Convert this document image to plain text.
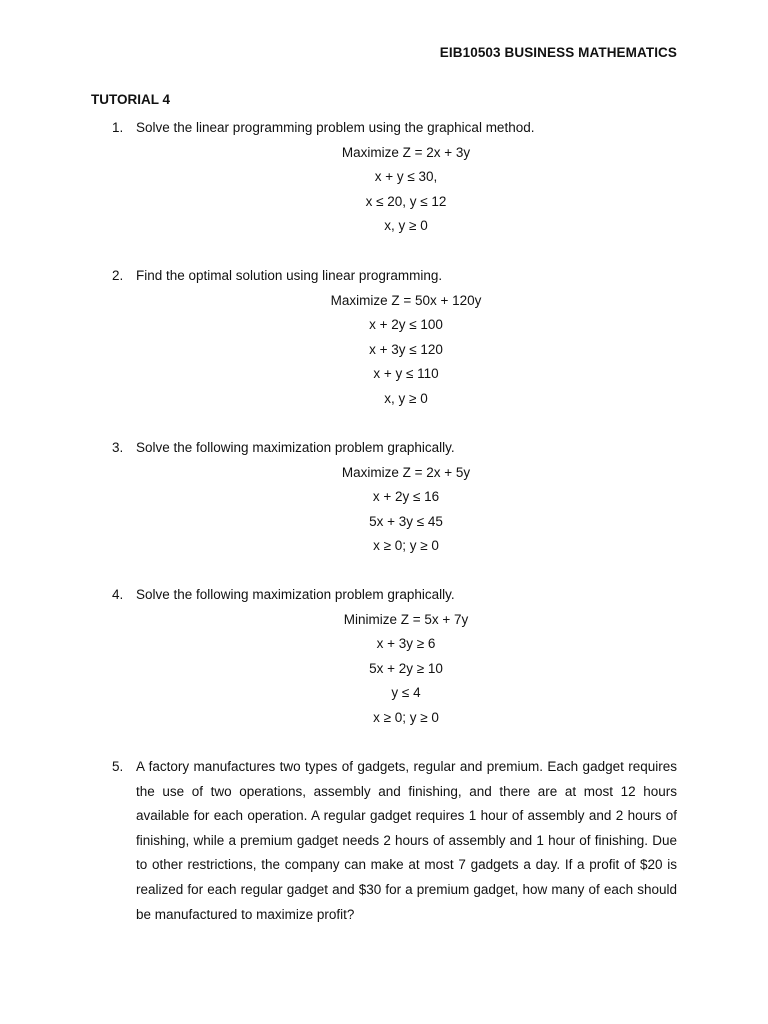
EIB10503 BUSINESS MATHEMATICS
TUTORIAL 4
1. Solve the linear programming problem using the graphical method.
Maximize Z = 2x + 3y
x + y ≤ 30,
x ≤ 20, y ≤ 12
x, y ≥ 0
2. Find the optimal solution using linear programming.
Maximize Z = 50x + 120y
x + 2y ≤ 100
x + 3y ≤ 120
x + y ≤ 110
x, y ≥ 0
3. Solve the following maximization problem graphically.
Maximize Z = 2x + 5y
x + 2y ≤ 16
5x + 3y ≤ 45
x ≥ 0; y ≥ 0
4. Solve the following maximization problem graphically.
Minimize Z = 5x + 7y
x + 3y ≥ 6
5x + 2y ≥ 10
y ≤ 4
x ≥ 0; y ≥ 0
5. A factory manufactures two types of gadgets, regular and premium. Each gadget requires the use of two operations, assembly and finishing, and there are at most 12 hours available for each operation. A regular gadget requires 1 hour of assembly and 2 hours of finishing, while a premium gadget needs 2 hours of assembly and 1 hour of finishing. Due to other restrictions, the company can make at most 7 gadgets a day. If a profit of $20 is realized for each regular gadget and $30 for a premium gadget, how many of each should be manufactured to maximize profit?
